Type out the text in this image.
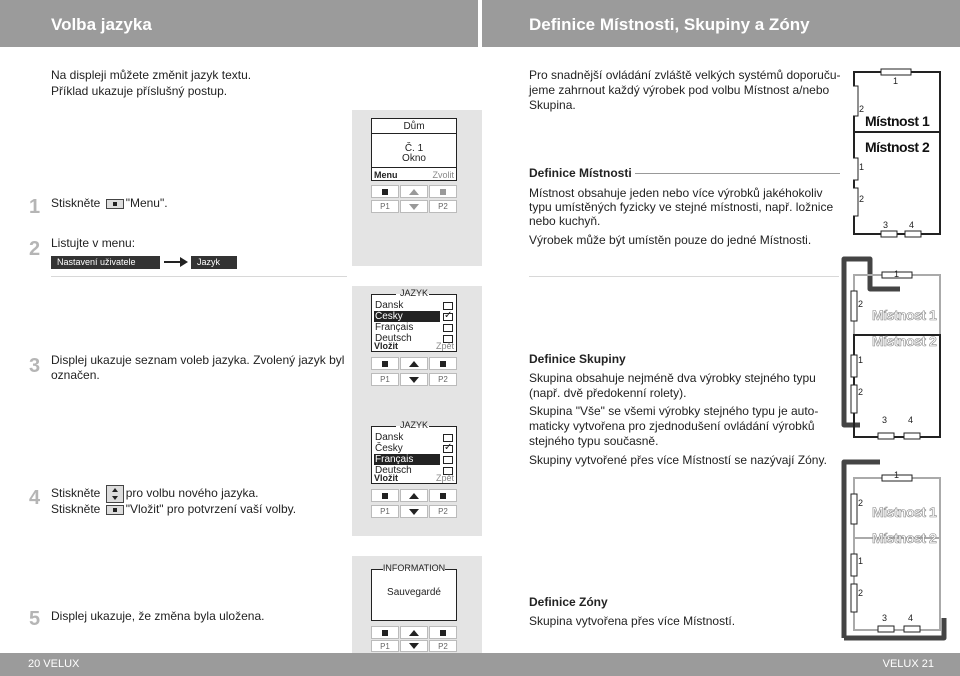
Volba jazyka	Definice Místnosti, Skupiny a Zóny
Na displeji můžete změnit jazyk textu.
Příklad ukazuje příslušný postup.
1 Stiskněte "Menu".
2 Listujte v menu:
Nastavení uživatele	Jazyk
3 Displej ukazuje seznam voleb jazyka. Zvolený jazyk byl
označen.
4 Stiskněte pro volbu nového jazyka.
Stiskněte "Vložit" pro potvrzení vaší volby.
5 Displej ukazuje, že změna byla uložena.
Dům
Č. 1
Okno
Menu	Zvolit
P1	P2
JAZYK
Dansk
Česky
✓
Français
Deutsch
Vložit	Zpět
P1	P2
JAZYK
Dansk
Česky
✓
Français
Deutsch
Vložit	Zpět
P1	P2
INFORMATION
Sauvegardé
P1	P2
Pro snadnější ovládání zvláště velkých systémů doporuču-
jeme zahrnout každý výrobek pod volbu Místnost a/nebo
Skupina.
Definice Místnosti
Místnost obsahuje jeden nebo více výrobků jakéhokoliv
typu umístěných fyzicky ve stejné místnosti, např. ložnice
nebo kuchyň.
Výrobek může být umístěn pouze do jedné Místnosti.
Definice Skupiny
Skupina obsahuje nejméně dva výrobky stejného typu
(např. dvě předokenní rolety).
Skupina "Vše" se všemi výrobky stejného typu je auto-
maticky vytvořena pro zjednodušení ovládání výrobků
stejného typu současně.
Skupiny vytvořené přes více Místností se nazývají Zóny.
Definice Zóny
Skupina vytvořena přes více Místností.
1
2
Místnost 1
Místnost 2
1
2
3 4
1
2
Místnost 1
Místnost 2
1
2
3 4
1
2
Místnost 1
Místnost 2
1
2
3 4
20 VELUX	VELUX 21
